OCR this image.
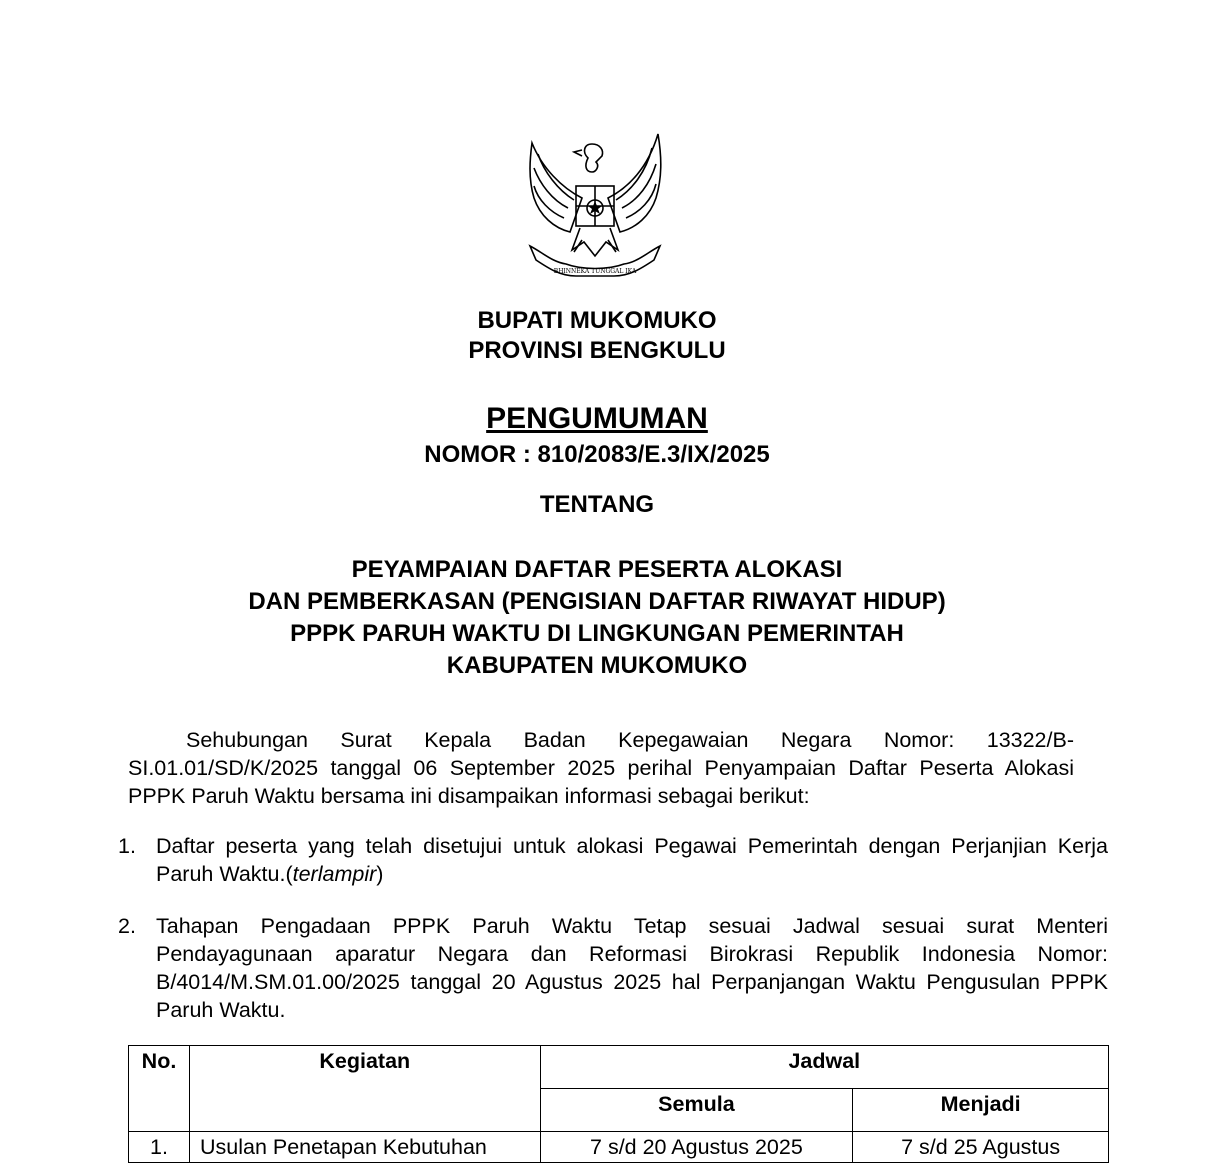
BHINNEKA TUNGGAL IKA
BUPATI MUKOMUKO
PROVINSI BENGKULU
PENGUMUMAN
NOMOR : 810/2083/E.3/IX/2025
TENTANG
PEYAMPAIAN DAFTAR PESERTA ALOKASI
DAN PEMBERKASAN (PENGISIAN DAFTAR RIWAYAT HIDUP)
PPPK PARUH WAKTU DI LINGKUNGAN PEMERINTAH
KABUPATEN MUKOMUKO
Sehubungan Surat Kepala Badan Kepegawaian Negara Nomor: 13322/B-SI.01.01/SD/K/2025 tanggal 06 September 2025 perihal Penyampaian Daftar Peserta Alokasi PPPK Paruh Waktu bersama ini disampaikan informasi sebagai berikut:
1. Daftar peserta yang telah disetujui untuk alokasi Pegawai Pemerintah dengan Perjanjian Kerja Paruh Waktu.(terlampir)
2. Tahapan Pengadaan PPPK Paruh Waktu Tetap sesuai Jadwal sesuai surat Menteri Pendayagunaan aparatur Negara dan Reformasi Birokrasi Republik Indonesia Nomor: B/4014/M.SM.01.00/2025 tanggal 20 Agustus 2025 hal Perpanjangan Waktu Pengusulan PPPK Paruh Waktu.
No.	Kegiatan	Jadwal	
		Semula	Menjadi
1.	Usulan Penetapan Kebutuhan	7 s/d 20 Agustus 2025	7 s/d 25 Agustus
